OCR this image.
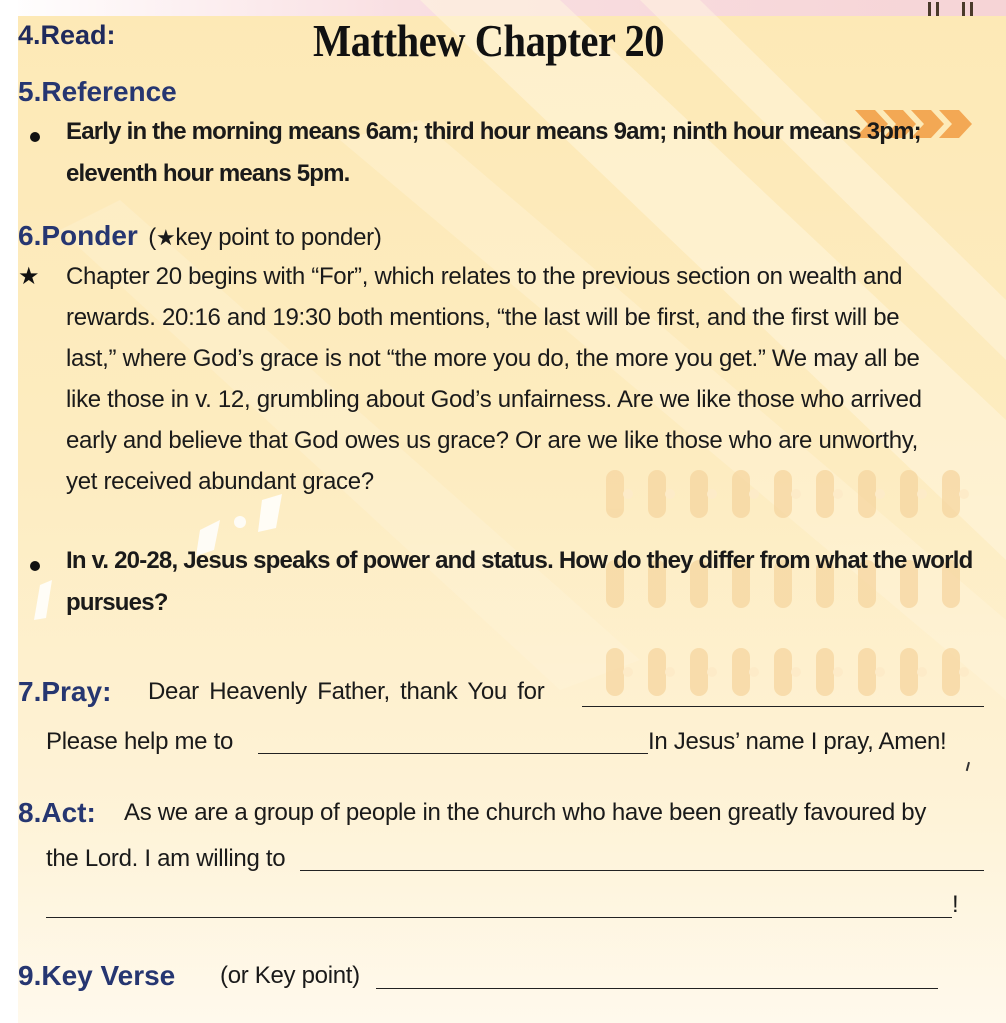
4.Read:	Matthew Chapter 20
5.Reference
Early in the morning means 6am; third hour means 9am; ninth hour means 3pm;
eleventh hour means 5pm.
6.Ponder (★key point to ponder)
★ Chapter 20 begins with “For”, which relates to the previous section on wealth and
rewards. 20:16 and 19:30 both mentions, “the last will be first, and the first will be
last,” where God’s grace is not “the more you do, the more you get.” We may all be
like those in v. 12, grumbling about God’s unfairness. Are we like those who arrived
early and believe that God owes us grace? Or are we like those who are unworthy,
yet received abundant grace?
In v. 20-28, Jesus speaks of power and status. How do they differ from what the world
pursues?
7.Pray: Dear Heavenly Father, thank You for
Please help me to	In Jesus’ name I pray, Amen!
8.Act: As we are a group of people in the church who have been greatly favoured by
the Lord. I am willing to
!
9.Key Verse (or Key point)
